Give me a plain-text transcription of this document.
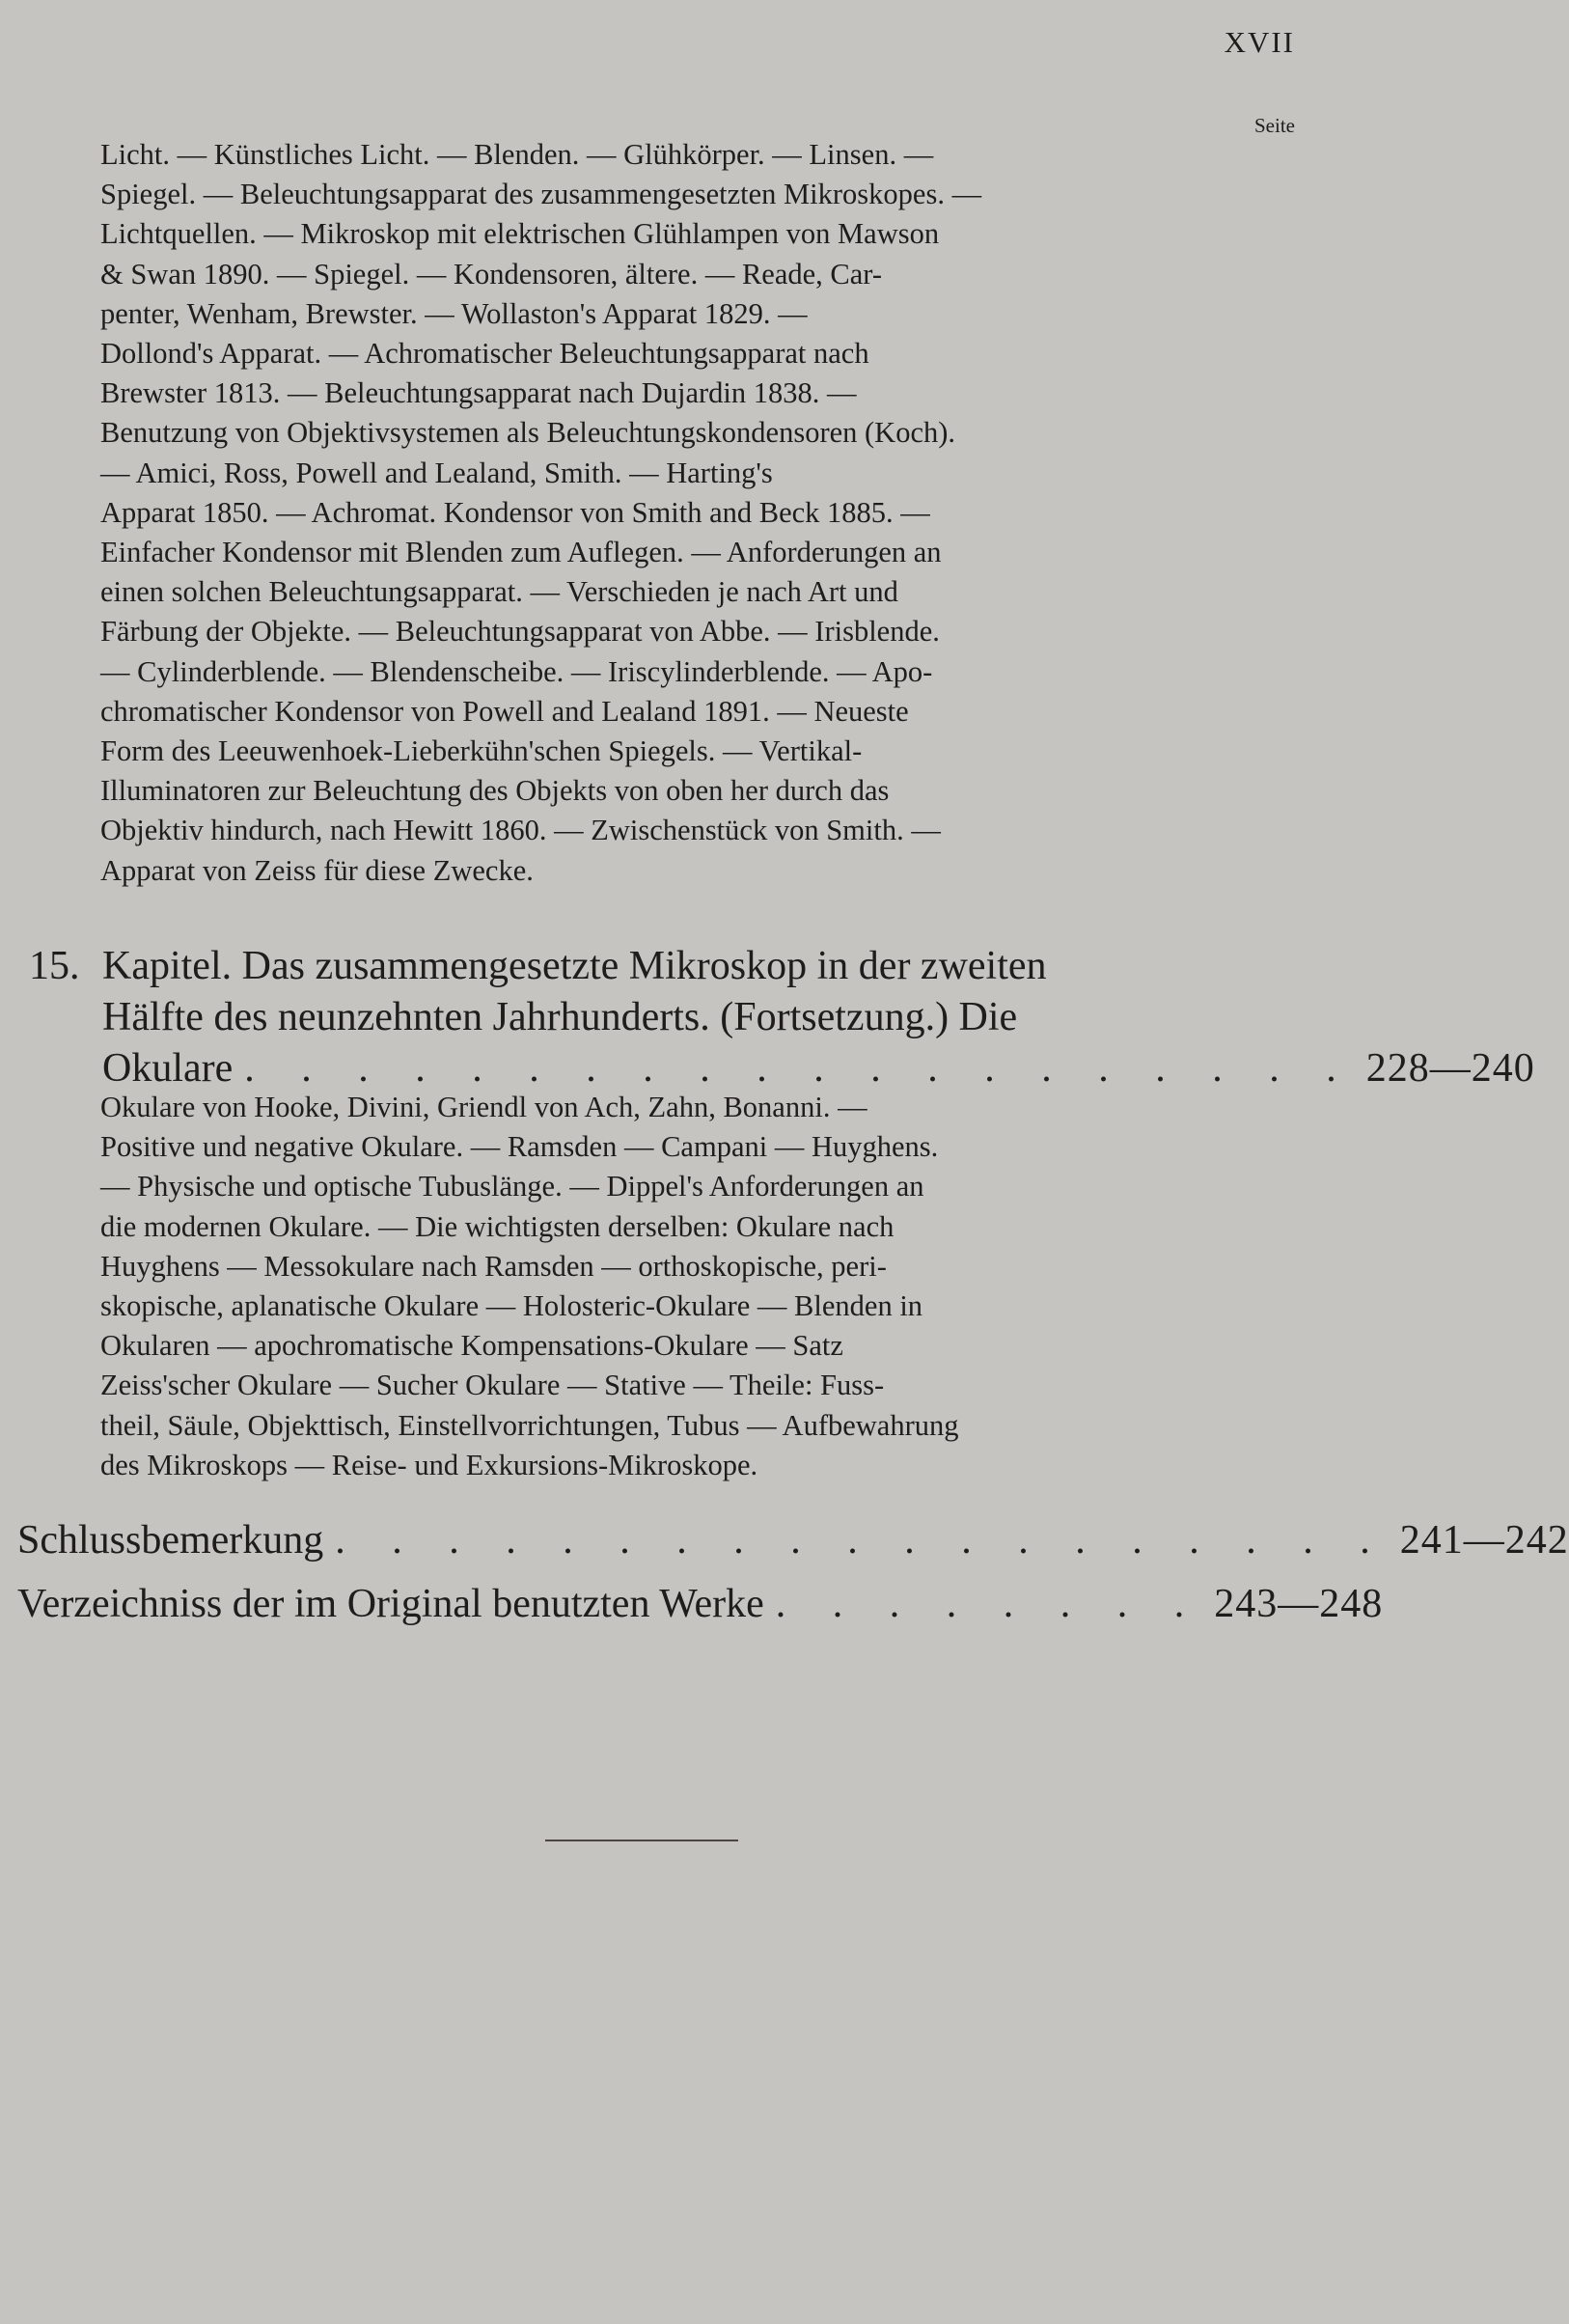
XVII
Seite
Licht. — Künstliches Licht. — Blenden. — Glühkörper. — Linsen. —
Spiegel. — Beleuchtungsapparat des zusammengesetzten Mikroskopes. —
Lichtquellen. — Mikroskop mit elektrischen Glühlampen von Mawson
& Swan 1890. — Spiegel. — Kondensoren, ältere. — Reade, Car-
penter, Wenham, Brewster. — Wollaston's Apparat 1829. —
Dollond's Apparat. — Achromatischer Beleuchtungsapparat nach
Brewster 1813. — Beleuchtungsapparat nach Dujardin 1838. —
Benutzung von Objektivsystemen als Beleuchtungskondensoren (Koch).
— Amici, Ross, Powell and Lealand, Smith. — Harting's
Apparat 1850. — Achromat. Kondensor von Smith and Beck 1885. —
Einfacher Kondensor mit Blenden zum Auflegen. — Anforderungen an
einen solchen Beleuchtungsapparat. — Verschieden je nach Art und
Färbung der Objekte. — Beleuchtungsapparat von Abbe. — Irisblende.
— Cylinderblende. — Blendenscheibe. — Iriscylinderblende. — Apo-
chromatischer Kondensor von Powell and Lealand 1891. — Neueste
Form des Leeuwenhoek-Lieberkühn'schen Spiegels. — Vertikal-
Illuminatoren zur Beleuchtung des Objekts von oben her durch das
Objektiv hindurch, nach Hewitt 1860. — Zwischenstück von Smith. —
Apparat von Zeiss für diese Zwecke.
15. Kapitel. Das zusammengesetzte Mikroskop in der zweiten
Hälfte des neunzehnten Jahrhunderts. (Fortsetzung.) Die
Okulare . . . . . . . . . . . . . . . . . . . . 228—240
Okulare von Hooke, Divini, Griendl von Ach, Zahn, Bonanni. —
Positive und negative Okulare. — Ramsden — Campani — Huyghens.
— Physische und optische Tubuslänge. — Dippel's Anforderungen an
die modernen Okulare. — Die wichtigsten derselben: Okulare nach
Huyghens — Messokulare nach Ramsden — orthoskopische, peri-
skopische, aplanatische Okulare — Holosteric-Okulare — Blenden in
Okularen — apochromatische Kompensations-Okulare — Satz
Zeiss'scher Okulare — Sucher Okulare — Stative — Theile: Fuss-
theil, Säule, Objekttisch, Einstellvorrichtungen, Tubus — Aufbewahrung
des Mikroskops — Reise- und Exkursions-Mikroskope.
Schlussbemerkung . . . . . . . . . . . . . . . . . . . 241—242
Verzeichniss der im Original benutzten Werke . . . . . . . . 243—248
